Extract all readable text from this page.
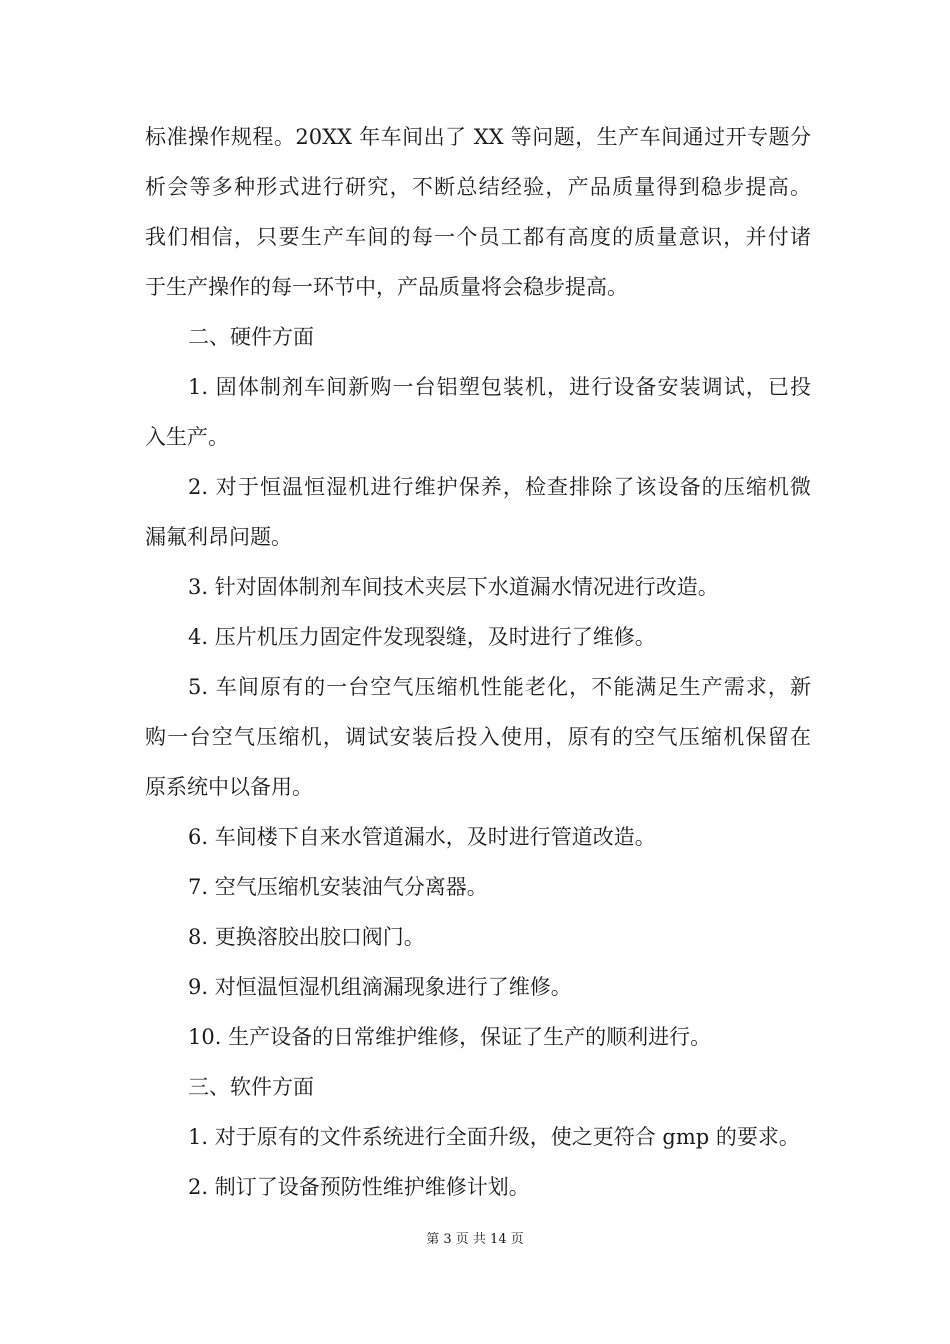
标准操作规程。20XX 年车间出了 XX 等问题，生产车间通过开专题分
析会等多种形式进行研究，不断总结经验，产品质量得到稳步提高。
我们相信，只要生产车间的每一个员工都有高度的质量意识，并付诸
于生产操作的每一环节中，产品质量将会稳步提高。
二、硬件方面
1. 固体制剂车间新购一台铝塑包装机，进行设备安装调试，已投
入生产。
2. 对于恒温恒湿机进行维护保养，检查排除了该设备的压缩机微
漏氟利昂问题。
3. 针对固体制剂车间技术夹层下水道漏水情况进行改造。
4. 压片机压力固定件发现裂缝，及时进行了维修。
5. 车间原有的一台空气压缩机性能老化，不能满足生产需求，新
购一台空气压缩机，调试安装后投入使用，原有的空气压缩机保留在
原系统中以备用。
6. 车间楼下自来水管道漏水，及时进行管道改造。
7. 空气压缩机安装油气分离器。
8. 更换溶胶出胶口阀门。
9. 对恒温恒湿机组滴漏现象进行了维修。
10. 生产设备的日常维护维修，保证了生产的顺利进行。
三、软件方面
1. 对于原有的文件系统进行全面升级，使之更符合 gmp 的要求。
2. 制订了设备预防性维护维修计划。
第 3 页 共 14 页
